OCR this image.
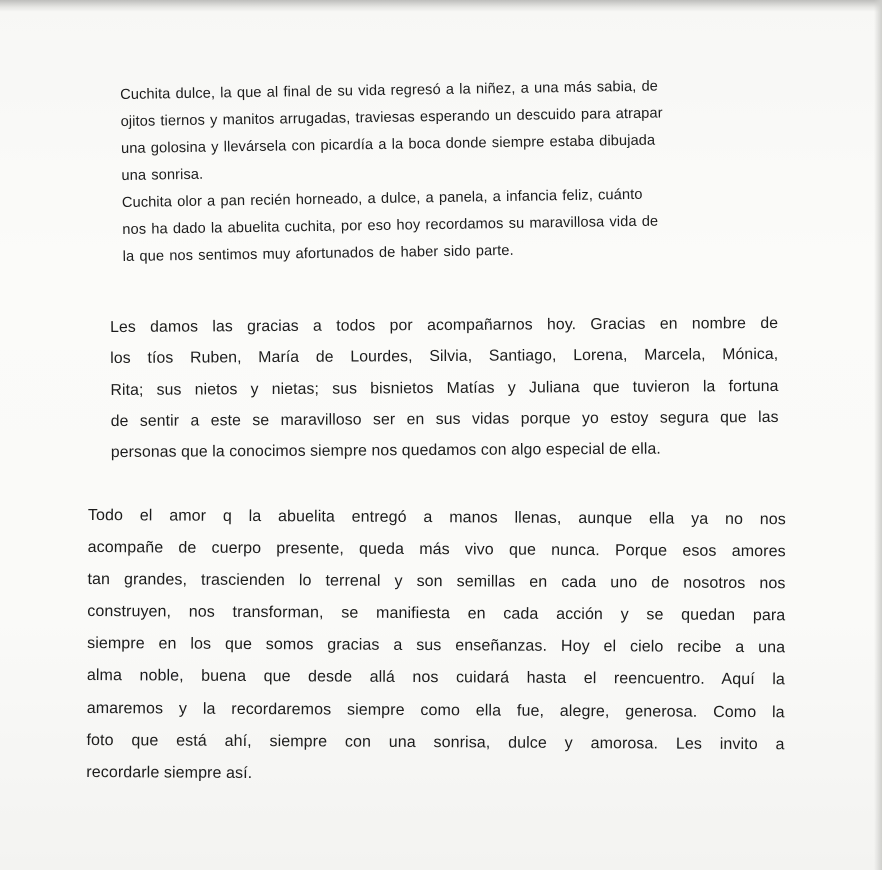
Cuchita dulce, la que al final de su vida regresó a la niñez, a una más sabia, de
ojitos tiernos y manitos arrugadas, traviesas esperando un descuido para atrapar
una golosina y llevársela con picardía a la boca donde siempre estaba dibujada
una sonrisa.
Cuchita olor a pan recién horneado, a dulce, a panela, a infancia feliz, cuánto
nos ha dado la abuelita cuchita, por eso hoy recordamos su maravillosa vida de
la que nos sentimos muy afortunados de haber sido parte.
Les damos las gracias a todos por acompañarnos hoy. Gracias en nombre de
los tíos Ruben, María de Lourdes, Silvia, Santiago, Lorena, Marcela, Mónica,
Rita; sus nietos y nietas; sus bisnietos Matías y Juliana que tuvieron la fortuna
de sentir a este se maravilloso ser en sus vidas porque yo estoy segura que las
personas que la conocimos siempre nos quedamos con algo especial de ella.
Todo el amor q la abuelita entregó a manos llenas, aunque ella ya no nos
acompañe de cuerpo presente, queda más vivo que nunca. Porque esos amores
tan grandes, trascienden lo terrenal y son semillas en cada uno de nosotros nos
construyen, nos transforman, se manifiesta en cada acción y se quedan para
siempre en los que somos gracias a sus enseñanzas. Hoy el cielo recibe a una
alma noble, buena que desde allá nos cuidará hasta el reencuentro. Aquí la
amaremos y la recordaremos siempre como ella fue, alegre, generosa. Como la
foto que está ahí, siempre con una sonrisa, dulce y amorosa. Les invito a
recordarle siempre así.
